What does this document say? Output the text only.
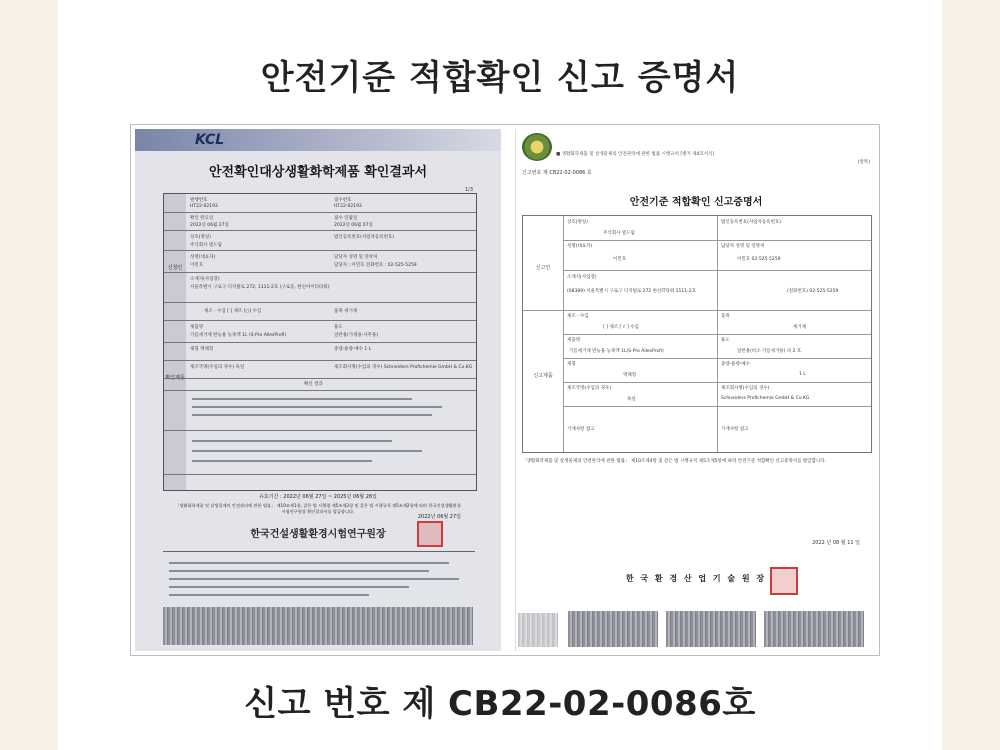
안전기준 적합확인 신고 증명서
KCL
안전확인대상생활화학제품 확인결과서
1/3
신청인
확인제품
발행번호	접수번호
HT22-02193	HT22-02193
확인 완료일	접수 연월일
2022년 06월 27일	2022년 06월 07일
상호(명칭)	법인등록번호(사업자등록번호)
주식회사 빌드림
성명(대표자)	담당자 성명 및 연락처
이민호	담당자 : 이민호 전화번호 : 02-525-5259
소재지(사업장)
서울특별시 구로구 디지털로 272, 1111-2호 (구로동, 한신아이티타워)
제조 · 수입 [ ] 제조 [○] 수입	품목 세거제
제품명	용도
기름세거제 반능용 농축액 1L (S-Pro AllesProfi)	일반용(가정용·사무용)
제형 액체형	중량·용량·매수 1 L
제조국명(수입의 경우) 독일	제조회사명(수입의 경우) Schneiders Profichemie GmbH & Co.KG
확인 결과
유효기간 : 2022년 06월 27일 ~ 2025년 06월 26일
「생활화학제품 및 살생물제의 안전관리에 관한 법률」 제10조제1항, 같은 법 시행령 제5조제2항 및 같은 법 시행규칙 제5조제2항에 따라 한국건설생활환경시험연구원장 확인결과서를 발급합니다.
2022년 06월 27일
한국건설생활환경시험연구원장
■ 생활화학제품 및 살생물제의 안전관리에 관한 법률 시행규칙 [별지 제4호서식]
(앞쪽)
신고번호 제 CB22-02-0086 호
안전기준 적합확인 신고증명서
신고인
신고제품
상호(명칭)	법인등록번호(사업자등록번호)
주식회사 빌드림
성명(대표자)	담당자 성명 및 연락처
이민호	이민호 02-525-5259
소재지(사업장)
(08389) 서울특별시 구로구 디지털로 272 한신IT타워 1111-2호	(전화번호) 02-525-5259
제조 · 수입	품목
[ ] 제조 [ √ ] 수입	세거제
제품명	용도
기름세거제 반능용 농축액 1L(S-Pro AllesProfi)	일반용(비소·기름세거용) 비 2 호
제형	중량·용량·매수
액체형	1 L
제조국명(수입의 경우)	제조회사명(수입의 경우)
독일	Schneiders Profichemie GmbH & Co.KG
기재사항 참고	기재사항 참고
「생활화학제품 및 살생물제의 안전관리에 관한 법률」 제10조제4항 및 같은 법 시행규칙 제5조제5항에 따라 안전기준 적합확인 신고증명서를 발급합니다.
2022 년 08 월 11 일
한 국 환 경 산 업 기 술 원 장
신고 번호 제 CB22-02-0086호
